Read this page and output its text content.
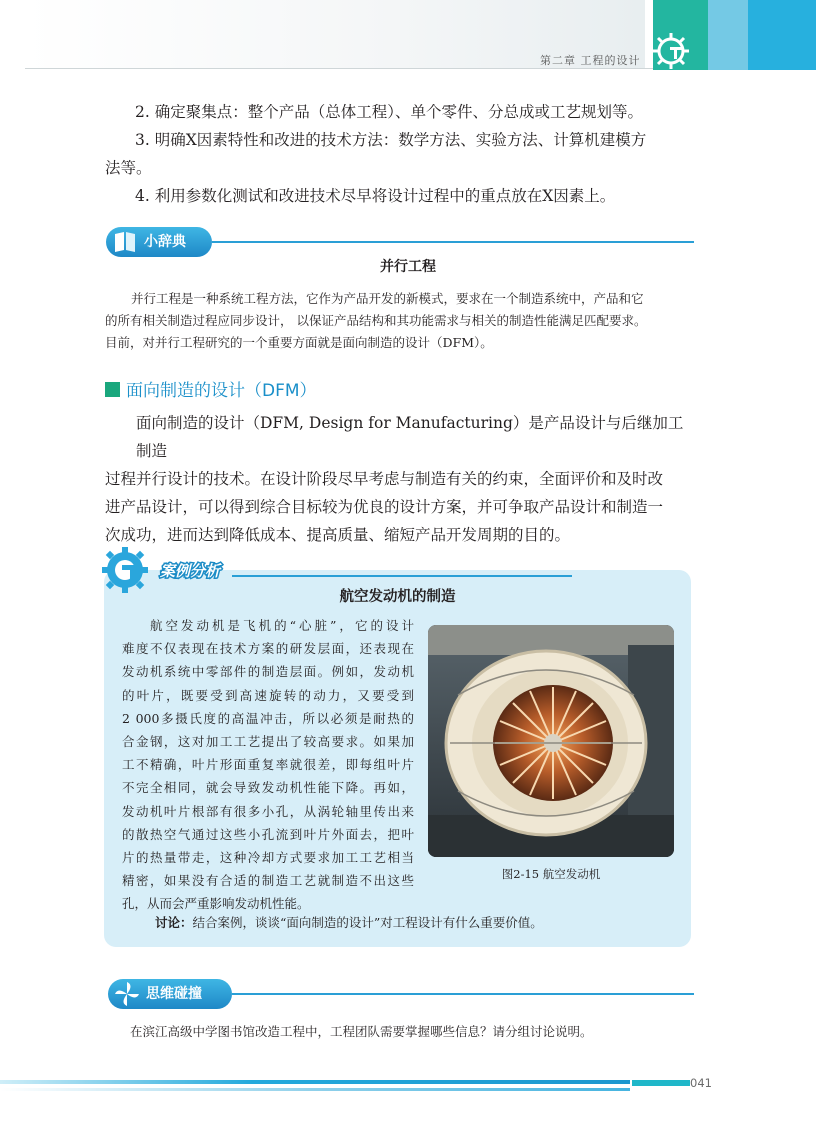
第二章 工程的设计
2. 确定聚集点：整个产品（总体工程）、单个零件、分总成或工艺规划等。
3. 明确X因素特性和改进的技术方法：数学方法、实验方法、计算机建模方
法等。
4. 利用参数化测试和改进技术尽早将设计过程中的重点放在X因素上。
小辞典
并行工程
并行工程是一种系统工程方法，它作为产品开发的新模式，要求在一个制造系统中，产品和它
的所有相关制造过程应同步设计， 以保证产品结构和其功能需求与相关的制造性能满足匹配要求。
目前，对并行工程研究的一个重要方面就是面向制造的设计（DFM）。
面向制造的设计（DFM）
面向制造的设计（DFM, Design for Manufacturing）是产品设计与后继加工制造
过程并行设计的技术。在设计阶段尽早考虑与制造有关的约束，全面评价和及时改
进产品设计，可以得到综合目标较为优良的设计方案，并可争取产品设计和制造一
次成功，进而达到降低成本、提高质量、缩短产品开发周期的目的。
案例分析
航空发动机的制造
航空发动机是飞机的“心脏”，它的设计
难度不仅表现在技术方案的研发层面，还表现在
发动机系统中零部件的制造层面。例如，发动机
的叶片，既要受到高速旋转的动力，又要受到
2 000多摄氏度的高温冲击，所以必须是耐热的
合金钢，这对加工工艺提出了较高要求。如果加
工不精确，叶片形面重复率就很差，即每组叶片
不完全相同，就会导致发动机性能下降。再如，
发动机叶片根部有很多小孔，从涡轮轴里传出来
的散热空气通过这些小孔流到叶片外面去，把叶
片的热量带走，这种冷却方式要求加工工艺相当
精密，如果没有合适的制造工艺就制造不出这些
孔，从而会严重影响发动机性能。
图2-15 航空发动机
讨论：结合案例，谈谈“面向制造的设计”对工程设计有什么重要价值。
思维碰撞
在滨江高级中学图书馆改造工程中，工程团队需要掌握哪些信息？请分组讨论说明。
041
